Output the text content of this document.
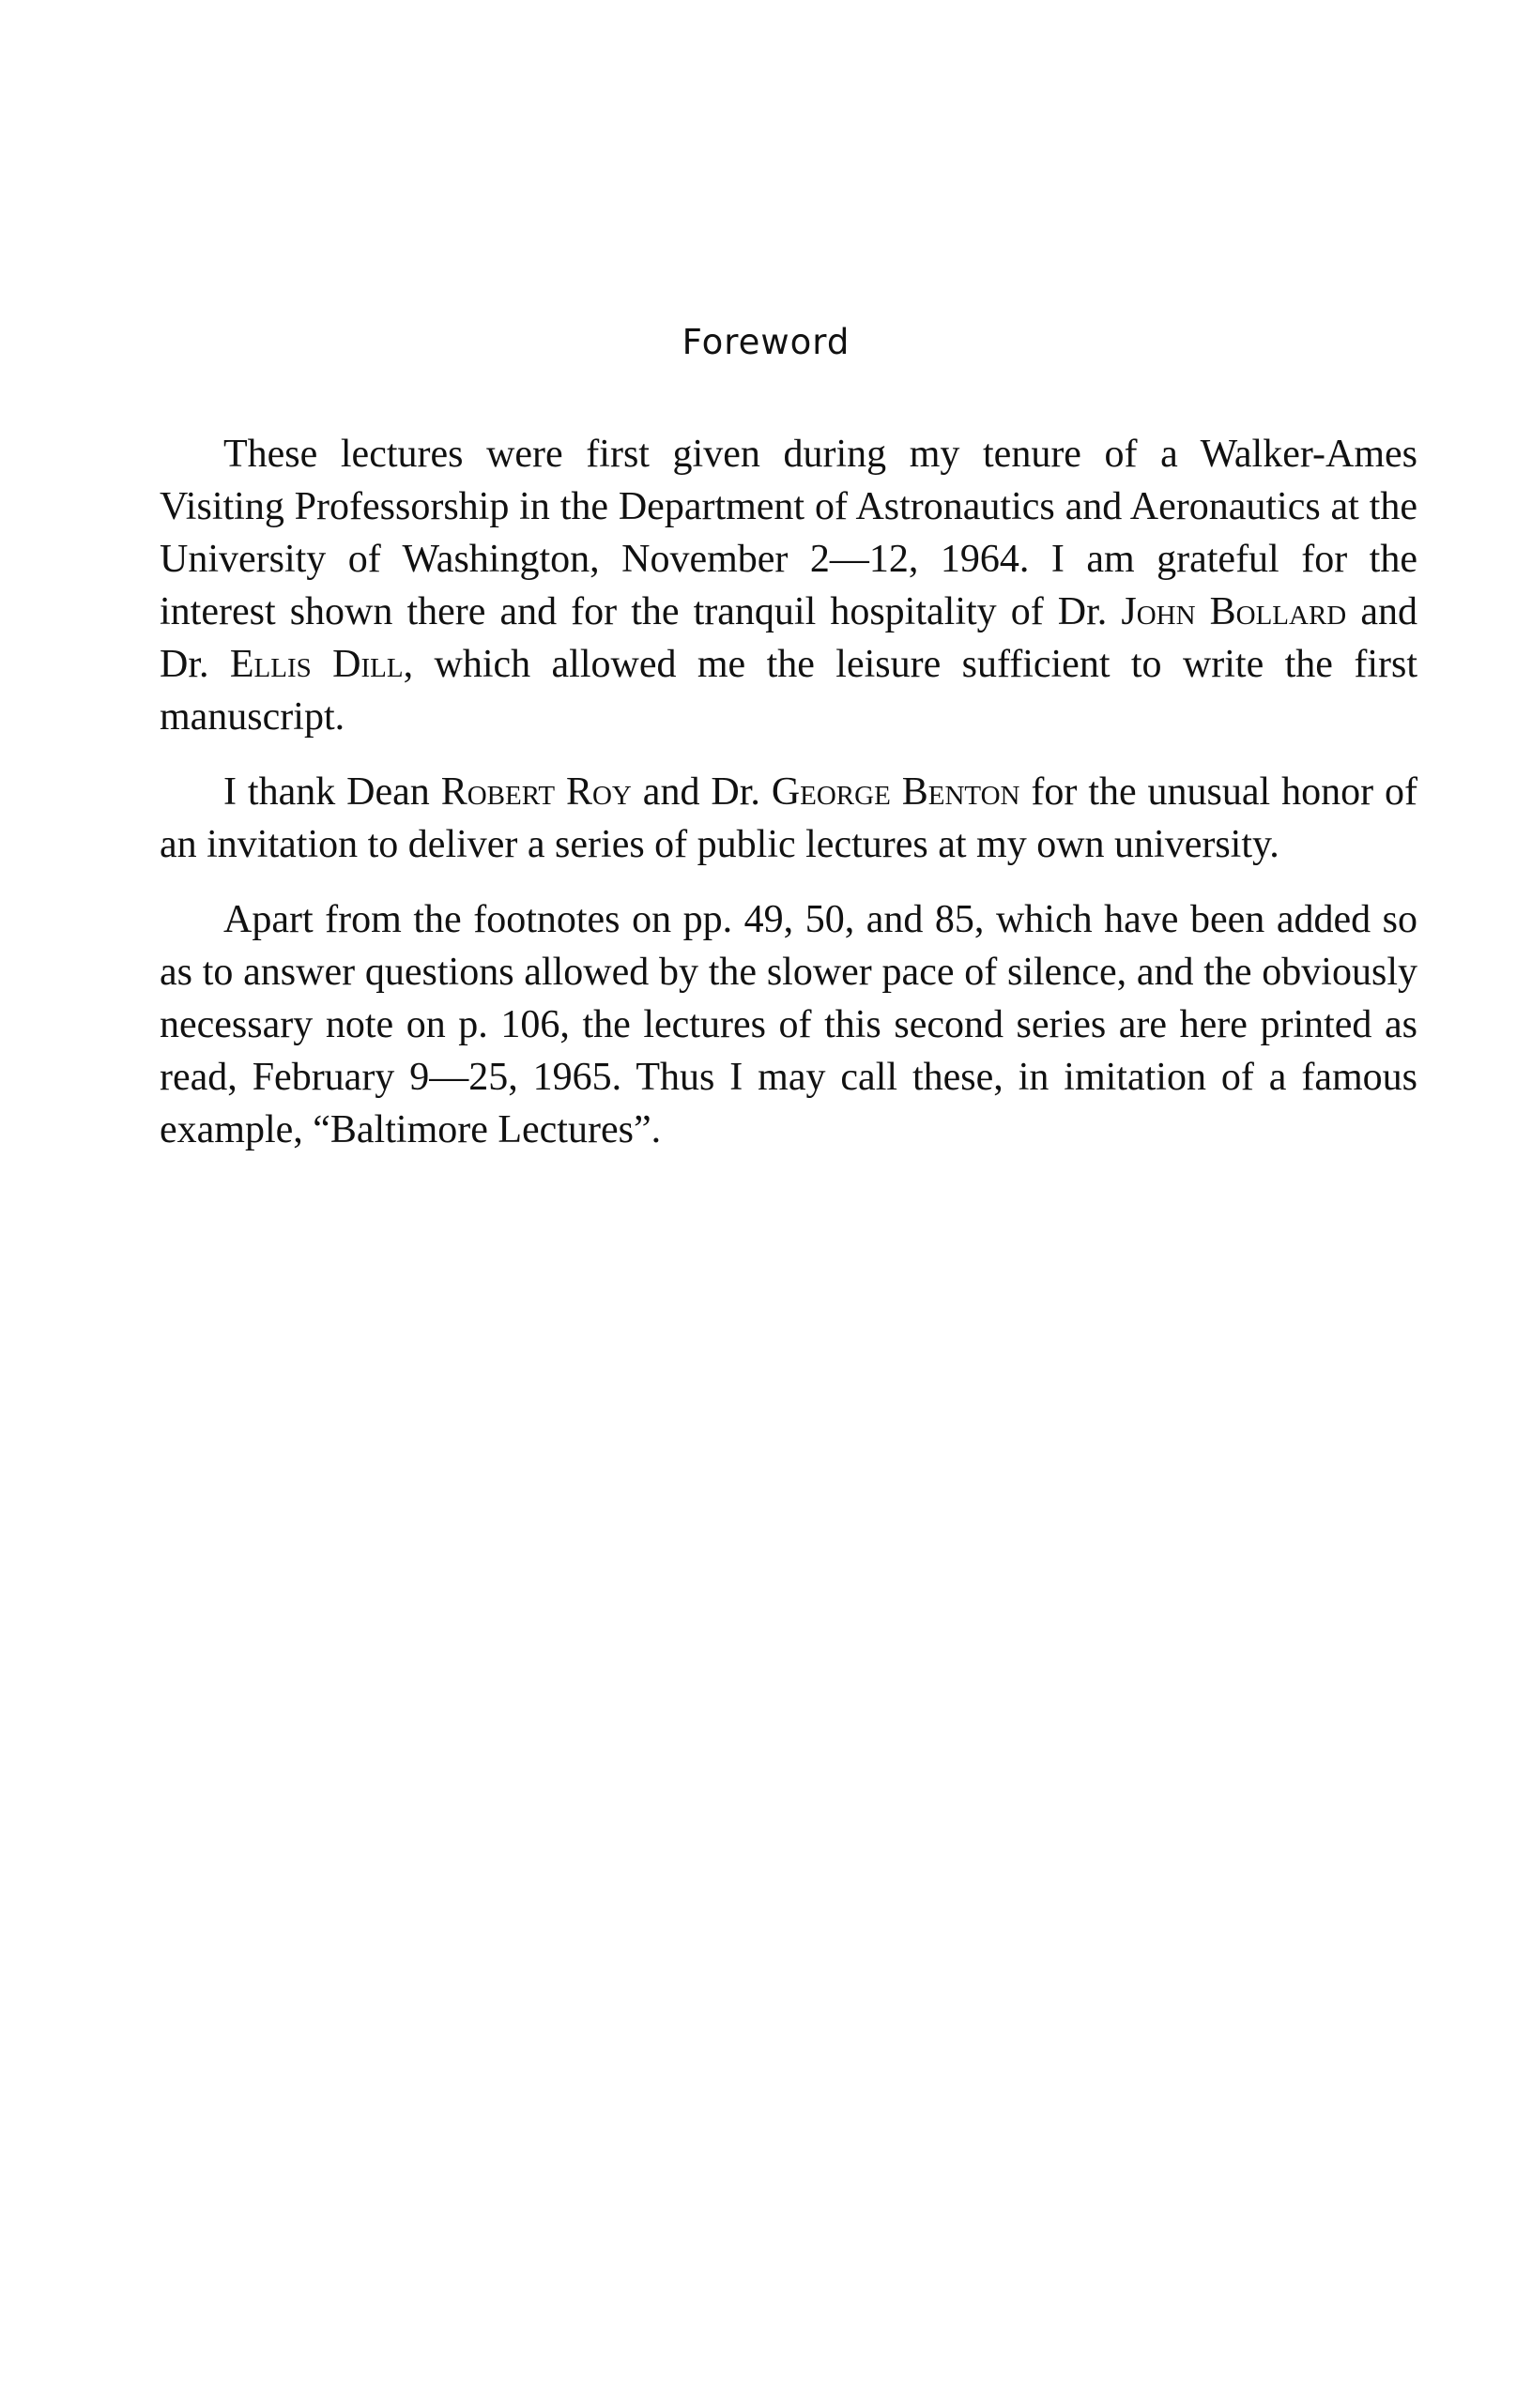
Foreword

These lectures were first given during my tenure of a Walker-Ames Visiting Professorship in the Department of Astronautics and Aeronautics at the University of Washington, November 2—12, 1964. I am grateful for the interest shown there and for the tranquil hospitality of Dr. John Bollard and Dr. Ellis Dill, which allowed me the leisure sufficient to write the first manuscript.

I thank Dean Robert Roy and Dr. George Benton for the unusual honor of an invitation to deliver a series of public lectures at my own university.

Apart from the footnotes on pp. 49, 50, and 85, which have been added so as to answer questions allowed by the slower pace of silence, and the obviously necessary note on p. 106, the lectures of this second series are here printed as read, February 9—25, 1965. Thus I may call these, in imitation of a famous example, “Baltimore Lectures”.
